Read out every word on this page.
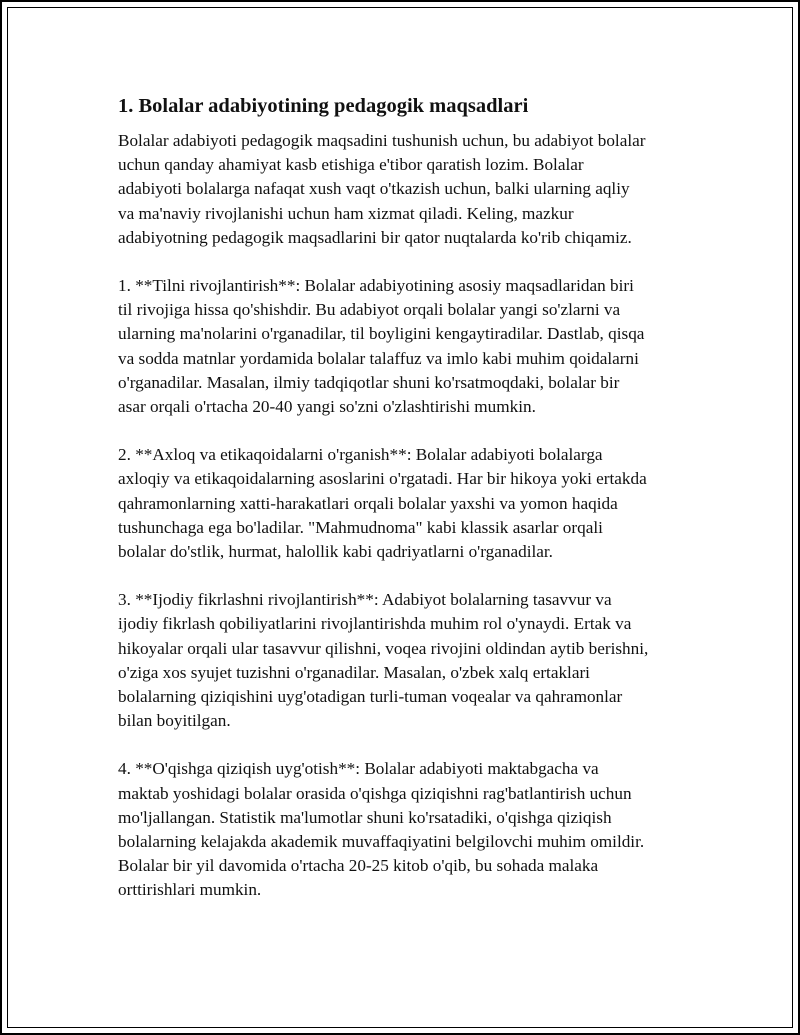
1. Bolalar adabiyotining pedagogik maqsadlari

Bolalar adabiyoti pedagogik maqsadini tushunish uchun, bu adabiyot bolalar
uchun qanday ahamiyat kasb etishiga e'tibor qaratish lozim. Bolalar
adabiyoti bolalarga nafaqat xush vaqt o'tkazish uchun, balki ularning aqliy
va ma'naviy rivojlanishi uchun ham xizmat qiladi. Keling, mazkur
adabiyotning pedagogik maqsadlarini bir qator nuqtalarda ko'rib chiqamiz.

1. **Tilni rivojlantirish**: Bolalar adabiyotining asosiy maqsadlaridan biri
til rivojiga hissa qo'shishdir. Bu adabiyot orqali bolalar yangi so'zlarni va
ularning ma'nolarini o'rganadilar, til boyligini kengaytiradilar. Dastlab, qisqa
va sodda matnlar yordamida bolalar talaffuz va imlo kabi muhim qoidalarni
o'rganadilar. Masalan, ilmiy tadqiqotlar shuni ko'rsatmoqdaki, bolalar bir
asar orqali o'rtacha 20-40 yangi so'zni o'zlashtirishi mumkin.

2. **Axloq va etikaqoidalarni o'rganish**: Bolalar adabiyoti bolalarga
axloqiy va etikaqoidalarning asoslarini o'rgatadi. Har bir hikoya yoki ertakda
qahramonlarning xatti-harakatlari orqali bolalar yaxshi va yomon haqida
tushunchaga ega bo'ladilar. "Mahmudnoma" kabi klassik asarlar orqali
bolalar do'stlik, hurmat, halollik kabi qadriyatlarni o'rganadilar.

3. **Ijodiy fikrlashni rivojlantirish**: Adabiyot bolalarning tasavvur va
ijodiy fikrlash qobiliyatlarini rivojlantirishda muhim rol o'ynaydi. Ertak va
hikoyalar orqali ular tasavvur qilishni, voqea rivojini oldindan aytib berishni,
o'ziga xos syujet tuzishni o'rganadilar. Masalan, o'zbek xalq ertaklari
bolalarning qiziqishini uyg'otadigan turli-tuman voqealar va qahramonlar
bilan boyitilgan.

4. **O'qishga qiziqish uyg'otish**: Bolalar adabiyoti maktabgacha va
maktab yoshidagi bolalar orasida o'qishga qiziqishni rag'batlantirish uchun
mo'ljallangan. Statistik ma'lumotlar shuni ko'rsatadiki, o'qishga qiziqish
bolalarning kelajakda akademik muvaffaqiyatini belgilovchi muhim omildir.
Bolalar bir yil davomida o'rtacha 20-25 kitob o'qib, bu sohada malaka
orttirishlari mumkin.
